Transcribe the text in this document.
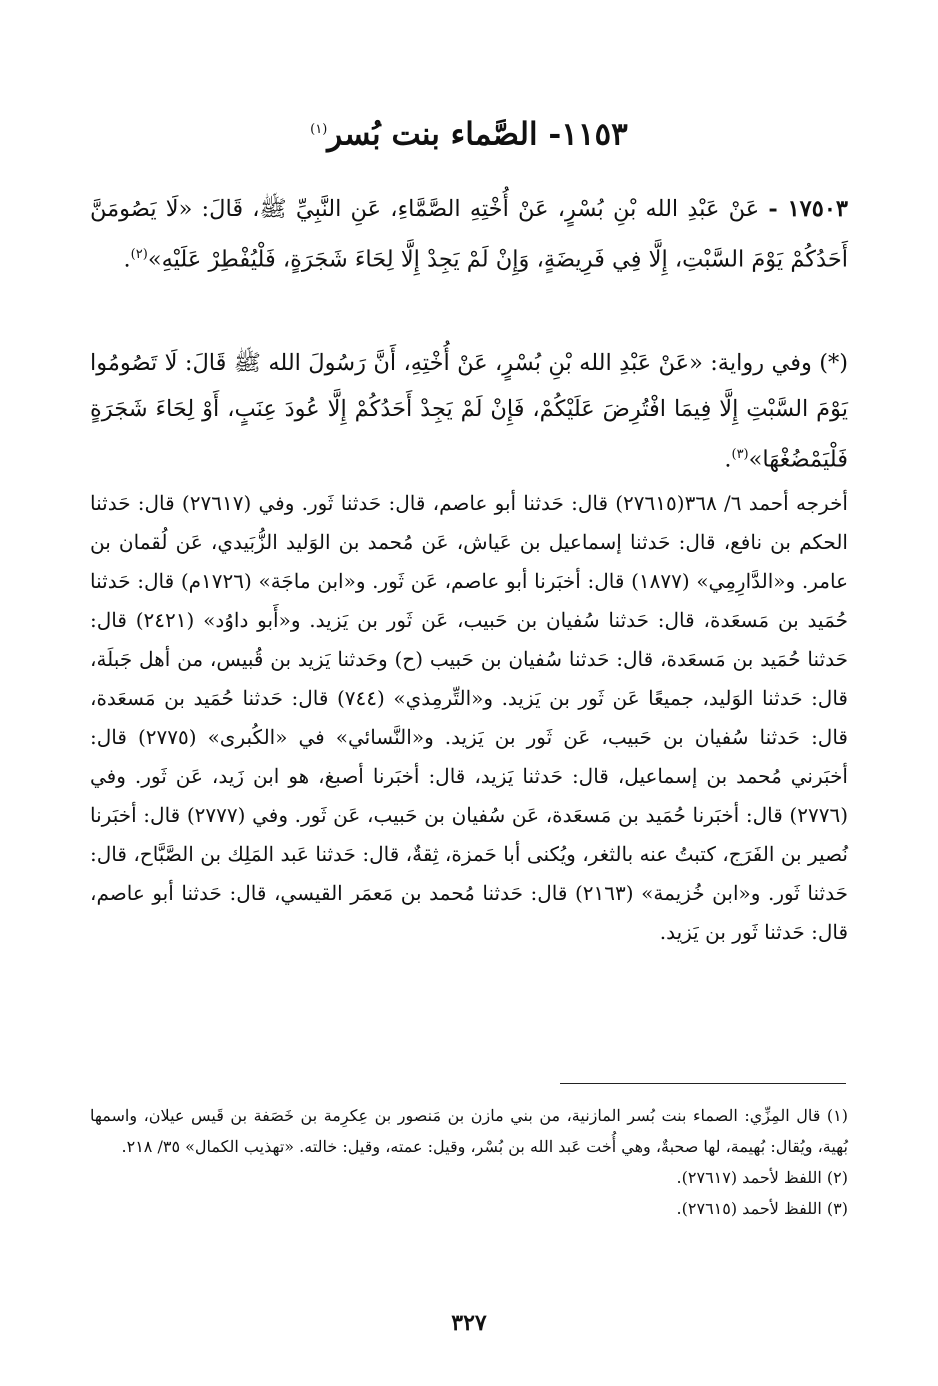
١١٥٣- الصَّماء بنت بُسر$^{(١)}$

١٧٥٠٣ - عَنْ عَبْدِ الله بْنِ بُسْرٍ، عَنْ أُخْتِهِ الصَّمَّاءِ، عَنِ النَّبِيِّ ﷺ، قَالَ: «لَا يَصُومَنَّ أَحَدُكُمْ يَوْمَ السَّبْتِ، إِلَّا فِي فَرِيضَةٍ، وَإِنْ لَمْ يَجِدْ إِلَّا لِحَاءَ شَجَرَةٍ، فَلْيُفْطِرْ عَلَيْهِ»$^{(٢)}$.

(*) وفي رواية: «عَنْ عَبْدِ الله بْنِ بُسْرٍ، عَنْ أُخْتِهِ، أَنَّ رَسُولَ الله ﷺ قَالَ: لَا تَصُومُوا يَوْمَ السَّبْتِ إِلَّا فِيمَا افْتُرِضَ عَلَيْكُمْ، فَإِنْ لَمْ يَجِدْ أَحَدُكُمْ إِلَّا عُودَ عِنَبٍ، أَوْ لِحَاءَ شَجَرَةٍ فَلْيَمْضُغْهَا»$^{(٣)}$.

أخرجه أحمد ٦/ ٣٦٨(٢٧٦١٥) قال: حَدثنا أبو عاصم، قال: حَدثنا ثَور. وفي (٢٧٦١٧) قال: حَدثنا الحكم بن نافع، قال: حَدثنا إسماعيل بن عَياش، عَن مُحمد بن الوَليد الزُّبَيدي، عَن لُقمان بن عامر. و«الدَّارِمِي» (١٨٧٧) قال: أخبَرنا أبو عاصم، عَن ثَور. و«ابن ماجَة» (١٧٢٦م) قال: حَدثنا حُمَيد بن مَسعَدة، قال: حَدثنا سُفيان بن حَبيب، عَن ثَور بن يَزيد. و«أَبو داوُد» (٢٤٢١) قال: حَدثنا حُمَيد بن مَسعَدة، قال: حَدثنا سُفيان بن حَبيب (ح) وحَدثنا يَزيد بن قُبيس، من أهل جَبلَة، قال: حَدثنا الوَليد، جميعًا عَن ثَور بن يَزيد. و«التِّرمِذي» (٧٤٤) قال: حَدثنا حُمَيد بن مَسعَدة، قال: حَدثنا سُفيان بن حَبيب، عَن ثَور بن يَزيد. و«النَّسائي» في «الكُبرى» (٢٧٧٥) قال: أخبَرني مُحمد بن إسماعيل، قال: حَدثنا يَزيد، قال: أخبَرنا أصبغ، هو ابن زَيد، عَن ثَور. وفي (٢٧٧٦) قال: أخبَرنا حُمَيد بن مَسعَدة، عَن سُفيان بن حَبيب، عَن ثَور. وفي (٢٧٧٧) قال: أخبَرنا نُصير بن الفَرَج، كتبتُ عنه بالثغر، ويُكنى أبا حَمزة، ثِقةٌ، قال: حَدثنا عَبد المَلِك بن الصَّبَّاح، قال: حَدثنا ثَور. و«ابن خُزيمة» (٢١٦٣) قال: حَدثنا مُحمد بن مَعمَر القيسي، قال: حَدثنا أبو عاصم، قال: حَدثنا ثَور بن يَزيد.

(١) قال المِزِّي: الصماء بنت بُسر المازنية، من بني مازن بن مَنصور بن عِكرِمة بن خَصَفة بن قَيس عيلان، واسمها بُهية، ويُقال: بُهيمة، لها صحبةٌ، وهي أُخت عَبد الله بن بُسْر، وقيل: عمته، وقيل: خالته. «تهذيب الكمال» ٣٥/ ٢١٨.

(٢) اللفظ لأحمد (٢٧٦١٧).

(٣) اللفظ لأحمد (٢٧٦١٥).

٣٢٧
